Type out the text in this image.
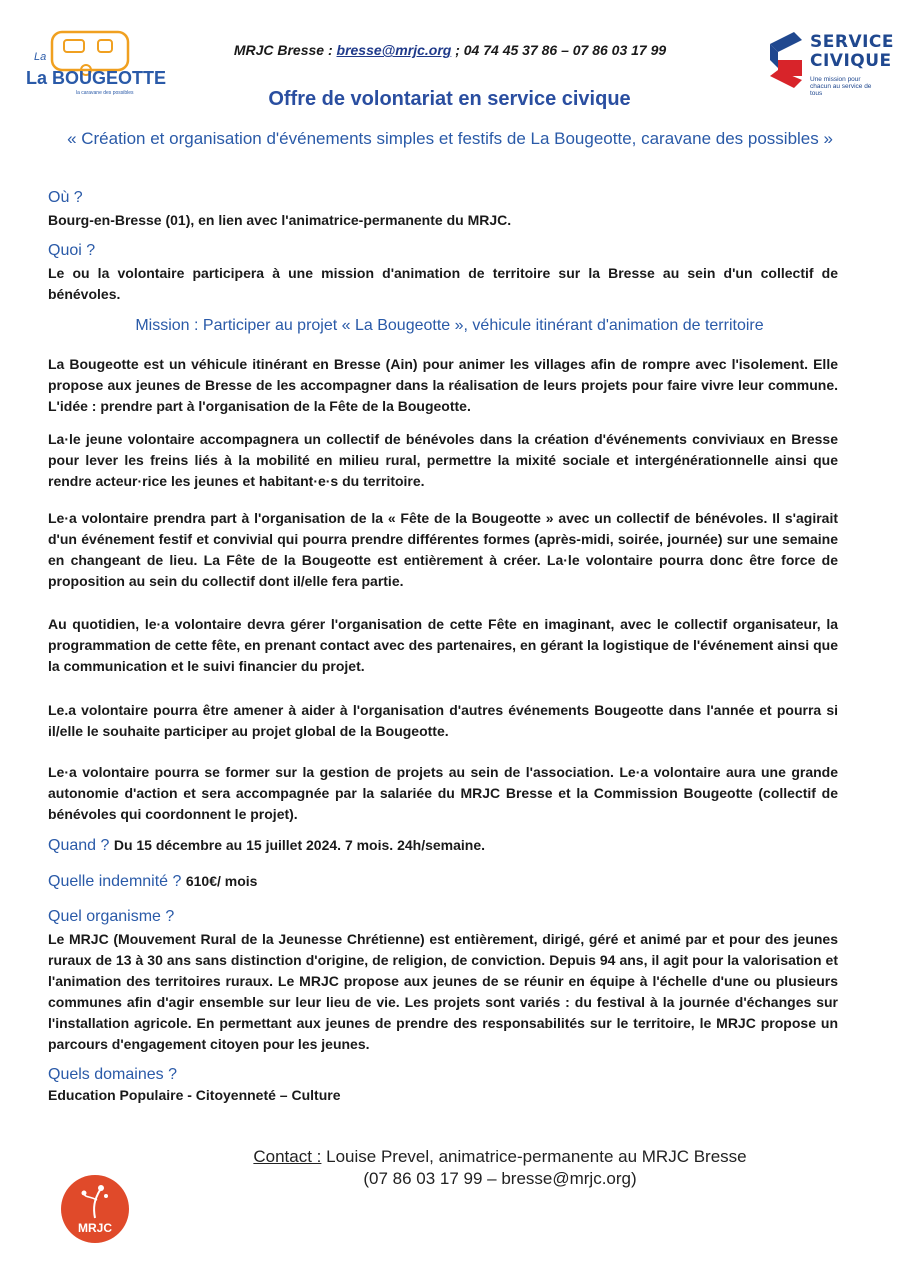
La
La BOUGEOTTE
la caravane des possibles
MRJC Bresse : bresse@mrjc.org ; 04 74 45 37 86 – 07 86 03 17 99	SERVICE
CIVIQUE
Une mission pour chacun au service de tous
Offre de volontariat en service civique
« Création et organisation d'événements simples et festifs de La Bougeotte, caravane des possibles »
Où ?
Bourg-en-Bresse (01), en lien avec l'animatrice-permanente du MRJC.
Quoi ?
Le ou la volontaire participera à une mission d'animation de territoire sur la Bresse au sein d'un collectif de bénévoles.
Mission : Participer au projet « La Bougeotte », véhicule itinérant d'animation de territoire
La Bougeotte est un véhicule itinérant en Bresse (Ain) pour animer les villages afin de rompre avec l'isolement. Elle propose aux jeunes de Bresse de les accompagner dans la réalisation de leurs projets pour faire vivre leur commune. L'idée : prendre part à l'organisation de la Fête de la Bougeotte.
La·le jeune volontaire accompagnera un collectif de bénévoles dans la création d'événements conviviaux en Bresse pour lever les freins liés à la mobilité en milieu rural, permettre la mixité sociale et intergénérationnelle ainsi que rendre acteur·rice les jeunes et habitant·e·s du territoire.
Le·a volontaire prendra part à l'organisation de la « Fête de la Bougeotte » avec un collectif de bénévoles. Il s'agirait d'un événement festif et convivial qui pourra prendre différentes formes (après-midi, soirée, journée) sur une semaine en changeant de lieu. La Fête de la Bougeotte est entièrement à créer. La·le volontaire pourra donc être force de proposition au sein du collectif dont il/elle fera partie.
Au quotidien, le·a volontaire devra gérer l'organisation de cette Fête en imaginant, avec le collectif organisateur, la programmation de cette fête, en prenant contact avec des partenaires, en gérant la logistique de l'événement ainsi que la communication et le suivi financier du projet.
Le.a volontaire pourra être amener à aider à l'organisation d'autres événements Bougeotte dans l'année et pourra si il/elle le souhaite participer au projet global de la Bougeotte.
Le·a volontaire pourra se former sur la gestion de projets au sein de l'association. Le·a volontaire aura une grande autonomie d'action et sera accompagnée par la salariée du MRJC Bresse et la Commission Bougeotte (collectif de bénévoles qui coordonnent le projet).
Quand ? Du 15 décembre au 15 juillet 2024. 7 mois. 24h/semaine.
Quelle indemnité ? 610€/ mois
Quel organisme ?
Le MRJC (Mouvement Rural de la Jeunesse Chrétienne) est entièrement, dirigé, géré et animé par et pour des jeunes ruraux de 13 à 30 ans sans distinction d'origine, de religion, de conviction. Depuis 94 ans, il agit pour la valorisation et l'animation des territoires ruraux. Le MRJC propose aux jeunes de se réunir en équipe à l'échelle d'une ou plusieurs communes afin d'agir ensemble sur leur lieu de vie. Les projets sont variés : du festival à la journée d'échanges sur l'installation agricole. En permettant aux jeunes de prendre des responsabilités sur le territoire, le MRJC propose un parcours d'engagement citoyen pour les jeunes.
Quels domaines ?
Education Populaire - Citoyenneté – Culture
Contact : Louise Prevel, animatrice-permanente au MRJC Bresse
(07 86 03 17 99 – bresse@mrjc.org)
MRJC
